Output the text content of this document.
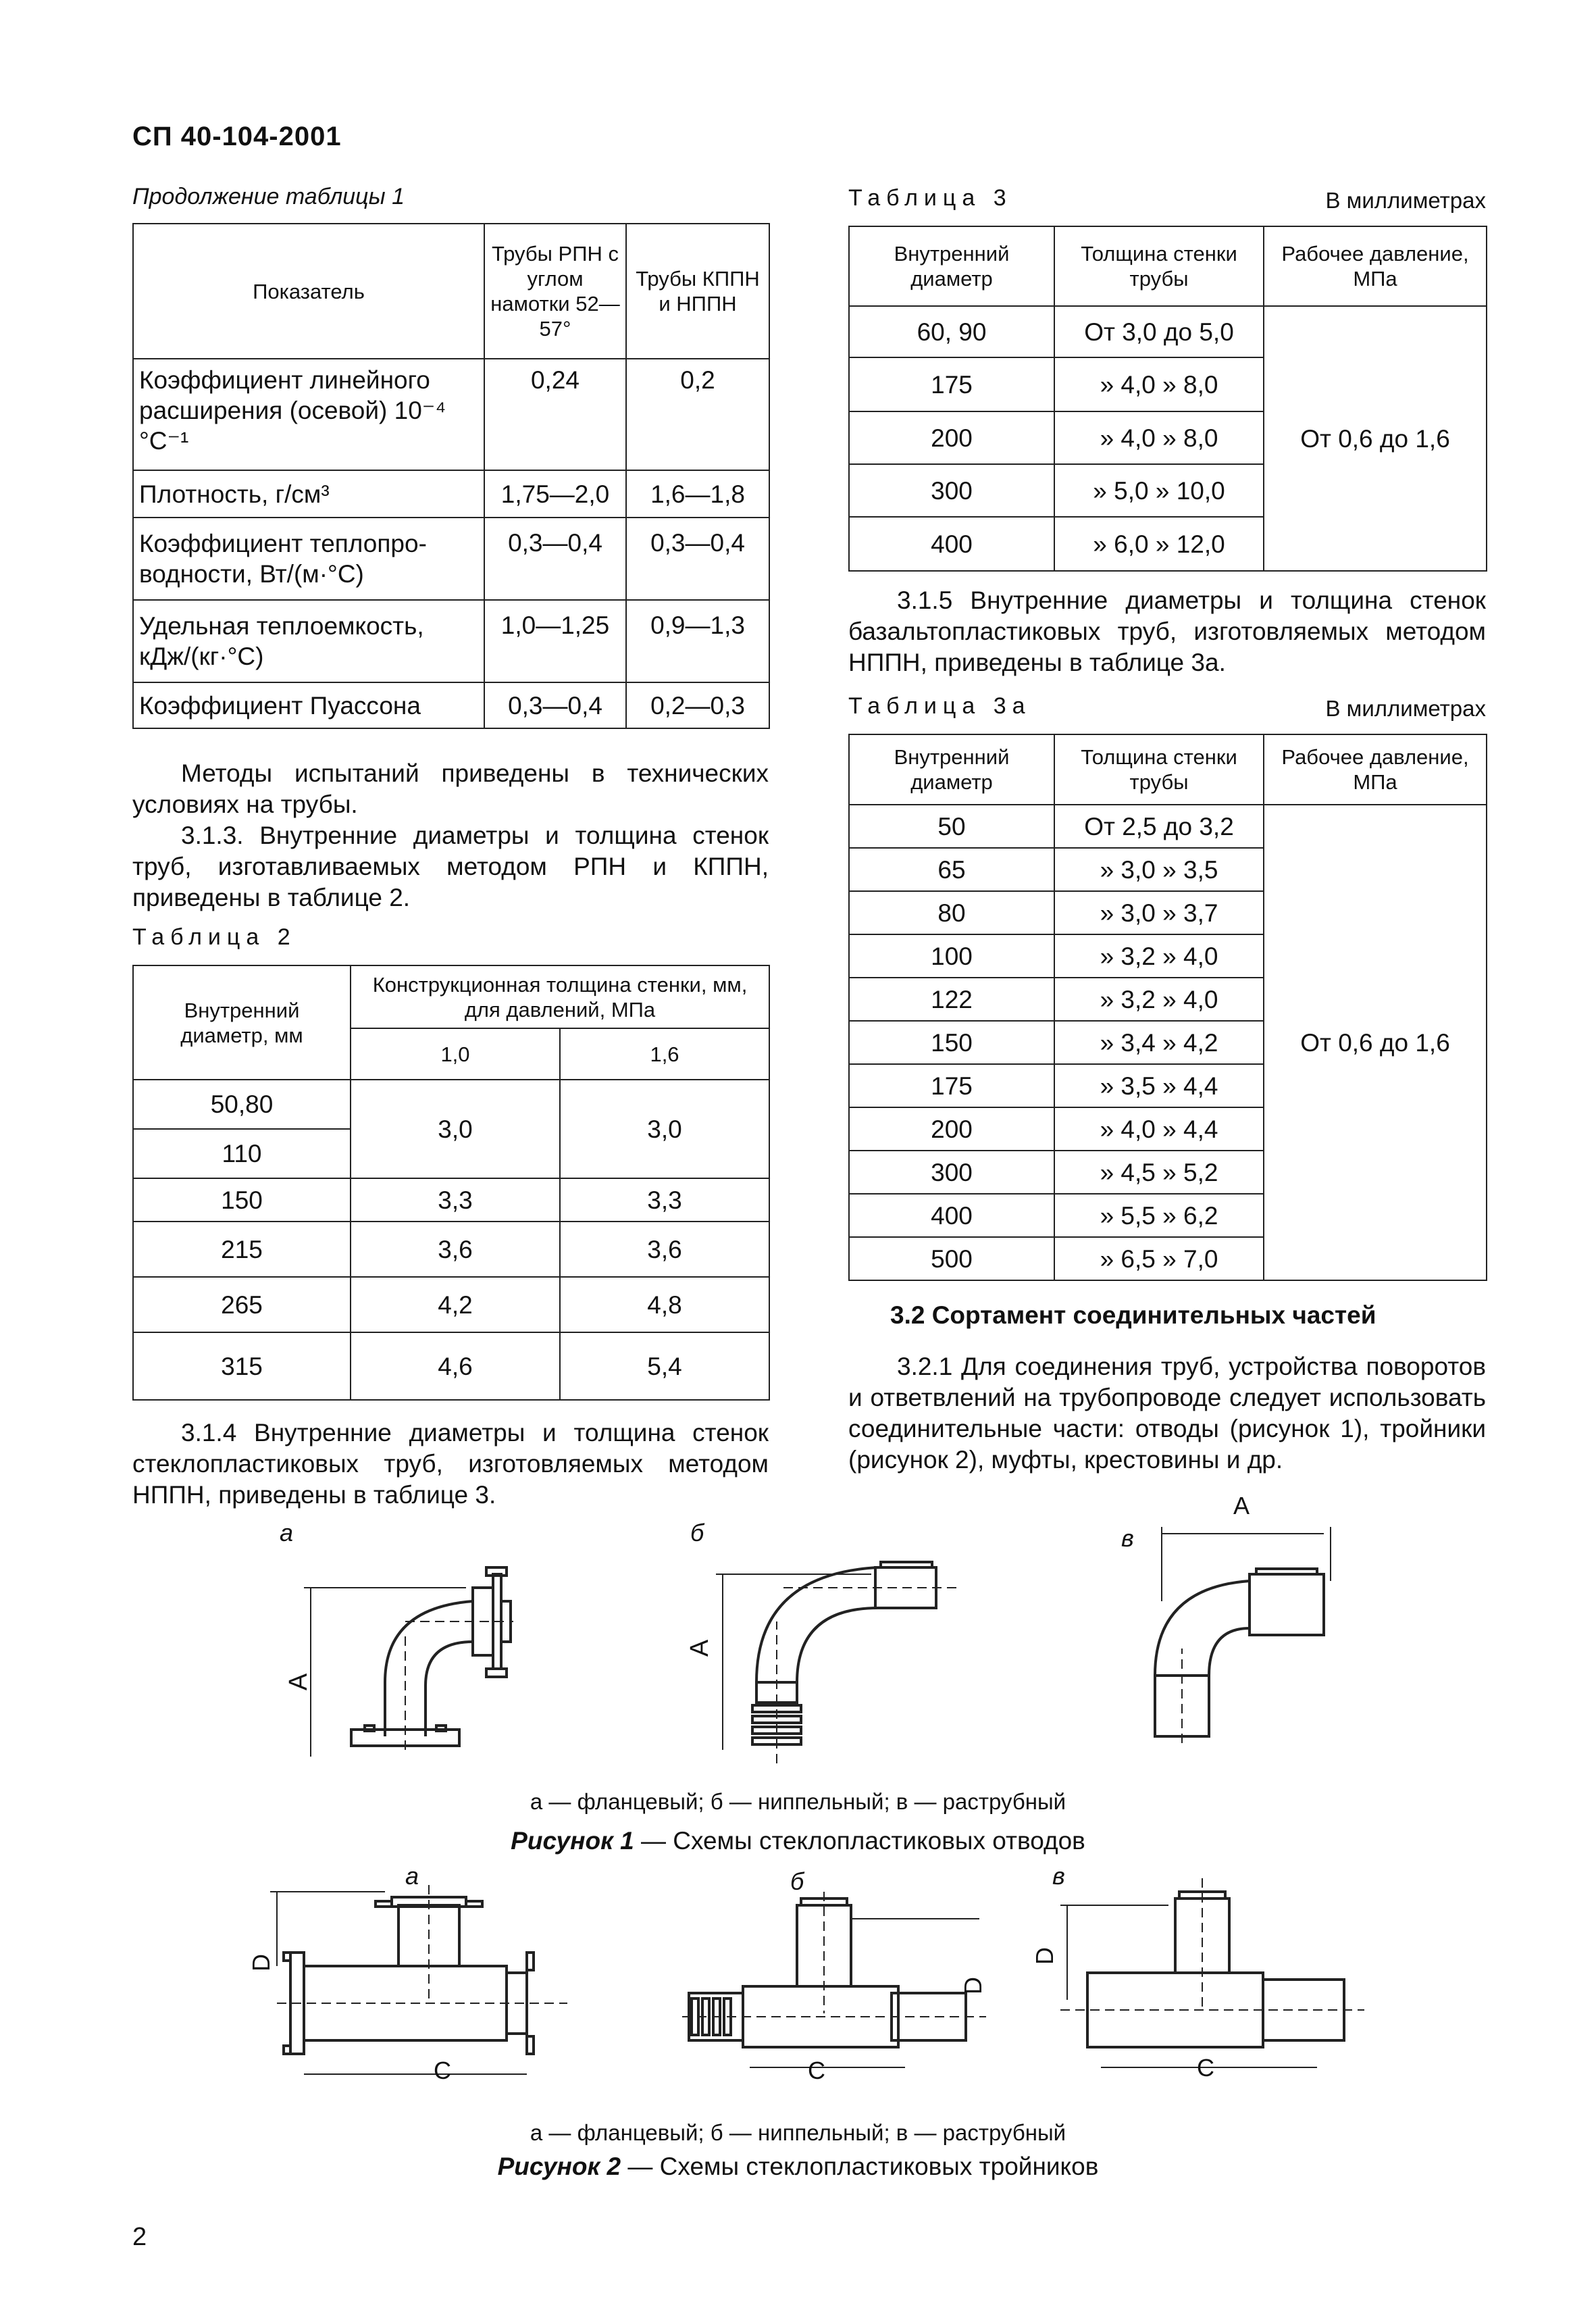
СП 40-104-2001
Продолжение таблицы 1
Показатель	Трубы РПН с углом намотки 52—57°	Трубы КППН и НППН
Коэффициент линейного расширения (осевой) 10⁻⁴ °С⁻¹	0,24	0,2
Плотность, г/см³	1,75—2,0	1,6—1,8
Коэффициент теплопро-водности, Вт/(м·°С)	0,3—0,4	0,3—0,4
Удельная теплоемкость, кДж/(кг·°С)	1,0—1,25	0,9—1,3
Коэффициент Пуассона	0,3—0,4	0,2—0,3

Методы испытаний приведены в технических условиях на трубы.

3.1.3. Внутренние диаметры и толщина стенок труб, изготавливаемых методом РПН и КППН, приведены в таблице 2.

Таблица 2
Внутренний диаметр, мм	Конструкционная толщина стенки, мм, для давлений, МПа	
	1,0	1,6
50,80	3,0	3,0
110		
150	3,3	3,3
215	3,6	3,6
265	4,2	4,8
315	4,6	5,4

3.1.4 Внутренние диаметры и толщина стенок стеклопластиковых труб, изготовляемых методом НППН, приведены в таблице 3.

Таблица 3	В миллиметрах
Внутренний диаметр	Толщина стенки трубы	Рабочее давление, МПа
60, 90	От 3,0 до 5,0	От 0,6 до 1,6
175	» 4,0 » 8,0	
200	» 4,0 » 8,0	
300	» 5,0 » 10,0	
400	» 6,0 » 12,0	

3.1.5 Внутренние диаметры и толщина стенок базальтопластиковых труб, изготовляемых методом НППН, приведены в таблице 3а.

Таблица 3а	В миллиметрах
Внутренний диаметр	Толщина стенки трубы	Рабочее давление, МПа
50	От 2,5 до 3,2	От 0,6 до 1,6
65	» 3,0 » 3,5	
80	» 3,0 » 3,7	
100	» 3,2 » 4,0	
122	» 3,2 » 4,0	
150	» 3,4 » 4,2	
175	» 3,5 » 4,4	
200	» 4,0 » 4,4	
300	» 4,5 » 5,2	
400	» 5,5 » 6,2	
500	» 6,5 » 7,0	
3.2 Сортамент соединительных частей

3.2.1 Для соединения труб, устройства поворотов и ответвлений на трубопроводе следует использовать соединительные части: отводы (рисунок 1), тройники (рисунок 2), муфты, крестовины и др.

а	б	в
А
А
А
а — фланцевый; б — ниппельный; в — раструбный
Рисунок 1 — Схемы стеклопластиковых отводов
а	б	в
D
С
D
С
D
С
а — фланцевый; б — ниппельный; в — раструбный
Рисунок 2 — Схемы стеклопластиковых тройников
2
